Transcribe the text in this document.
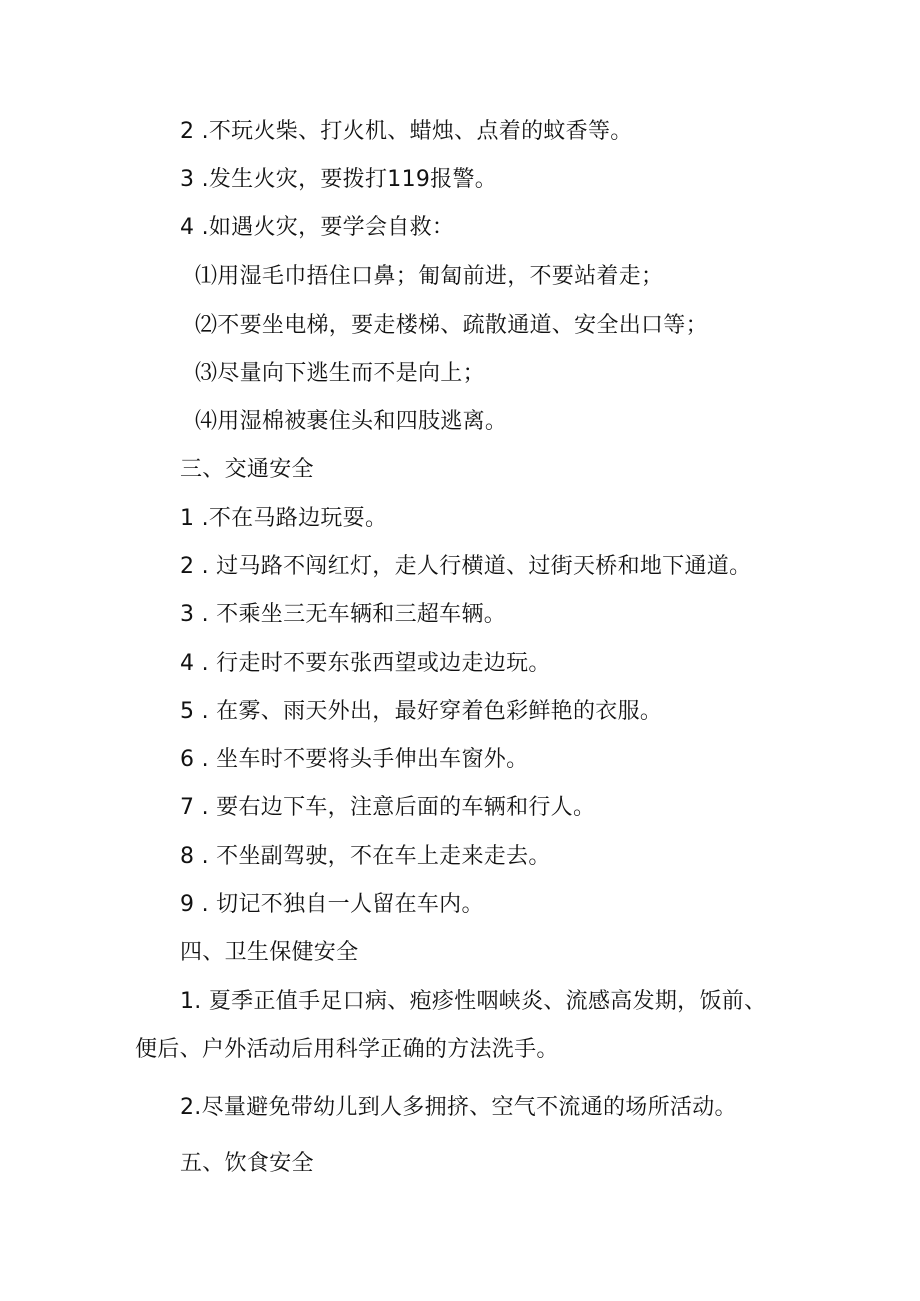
2 .不玩火柴、打火机、蜡烛、点着的蚊香等。
3 .发生火灾，要拨打119报警。
4 .如遇火灾，要学会自救：
⑴用湿毛巾捂住口鼻；匍匐前进，不要站着走；
⑵不要坐电梯，要走楼梯、疏散通道、安全出口等；
⑶尽量向下逃生而不是向上；
⑷用湿棉被裹住头和四肢逃离。
三、交通安全
1 .不在马路边玩耍。
2 . 过马路不闯红灯，走人行横道、过街天桥和地下通道。
3 . 不乘坐三无车辆和三超车辆。
4 . 行走时不要东张西望或边走边玩。
5 . 在雾、雨天外出，最好穿着色彩鲜艳的衣服。
6 . 坐车时不要将头手伸出车窗外。
7 . 要右边下车，注意后面的车辆和行人。
8 . 不坐副驾驶，不在车上走来走去。
9 . 切记不独自一人留在车内。
四、卫生保健安全
1. 夏季正值手足口病、疱疹性咽峡炎、流感高发期，饭前、
便后、户外活动后用科学正确的方法洗手。
2.尽量避免带幼儿到人多拥挤、空气不流通的场所活动。
五、饮食安全
